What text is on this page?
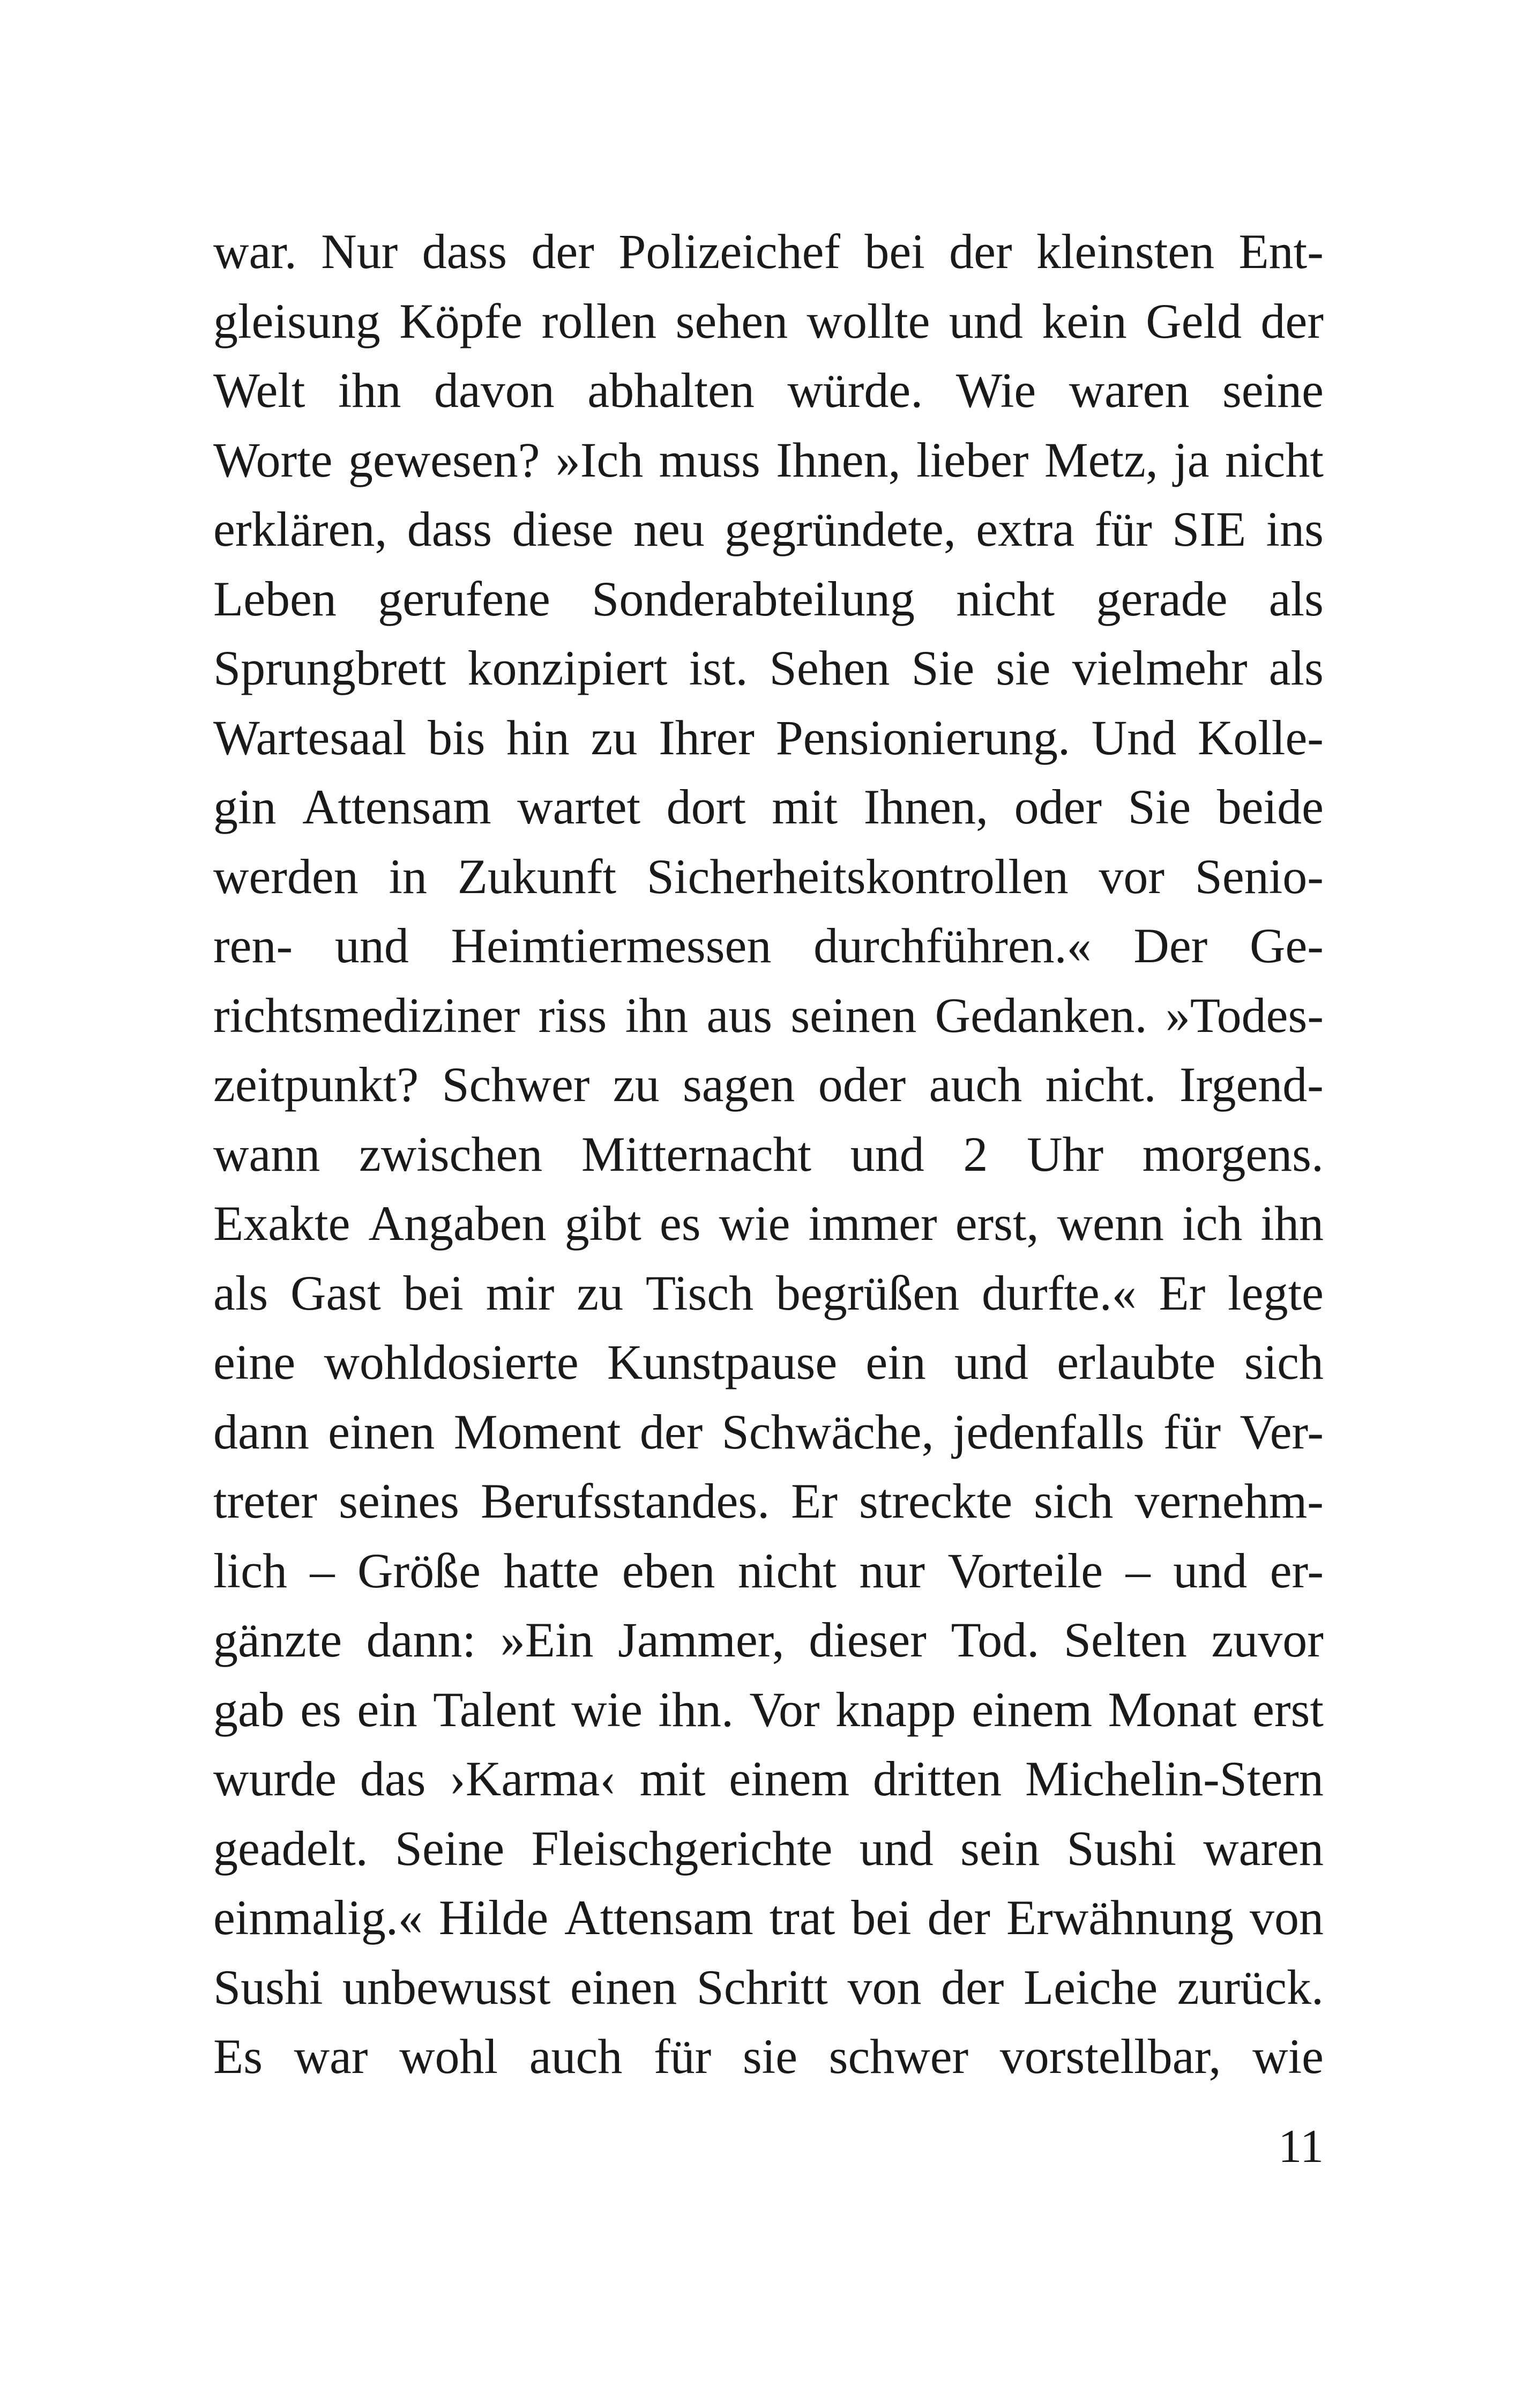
war. Nur dass der Polizeichef bei der kleinsten Ent-
gleisung Köpfe rollen sehen wollte und kein Geld der
Welt ihn davon abhalten würde. Wie waren seine
Worte gewesen? »Ich muss Ihnen, lieber Metz, ja nicht
erklären, dass diese neu gegründete, extra für SIE ins
Leben gerufene Sonderabteilung nicht gerade als
Sprungbrett konzipiert ist. Sehen Sie sie vielmehr als
Wartesaal bis hin zu Ihrer Pensionierung. Und Kolle-
gin Attensam wartet dort mit Ihnen, oder Sie beide
werden in Zukunft Sicherheitskontrollen vor Senio-
ren- und Heimtiermessen durchführen.« Der Ge-
richtsmediziner riss ihn aus seinen Gedanken. »Todes-
zeitpunkt? Schwer zu sagen oder auch nicht. Irgend-
wann zwischen Mitternacht und 2 Uhr morgens.
Exakte Angaben gibt es wie immer erst, wenn ich ihn
als Gast bei mir zu Tisch begrüßen durfte.« Er legte
eine wohldosierte Kunstpause ein und erlaubte sich
dann einen Moment der Schwäche, jedenfalls für Ver-
treter seines Berufsstandes. Er streckte sich vernehm-
lich – Größe hatte eben nicht nur Vorteile – und er-
gänzte dann: »Ein Jammer, dieser Tod. Selten zuvor
gab es ein Talent wie ihn. Vor knapp einem Monat erst
wurde das ›Karma‹ mit einem dritten Michelin-Stern
geadelt. Seine Fleischgerichte und sein Sushi waren
einmalig.« Hilde Attensam trat bei der Erwähnung von
Sushi unbewusst einen Schritt von der Leiche zurück.
Es war wohl auch für sie schwer vorstellbar, wie
11
